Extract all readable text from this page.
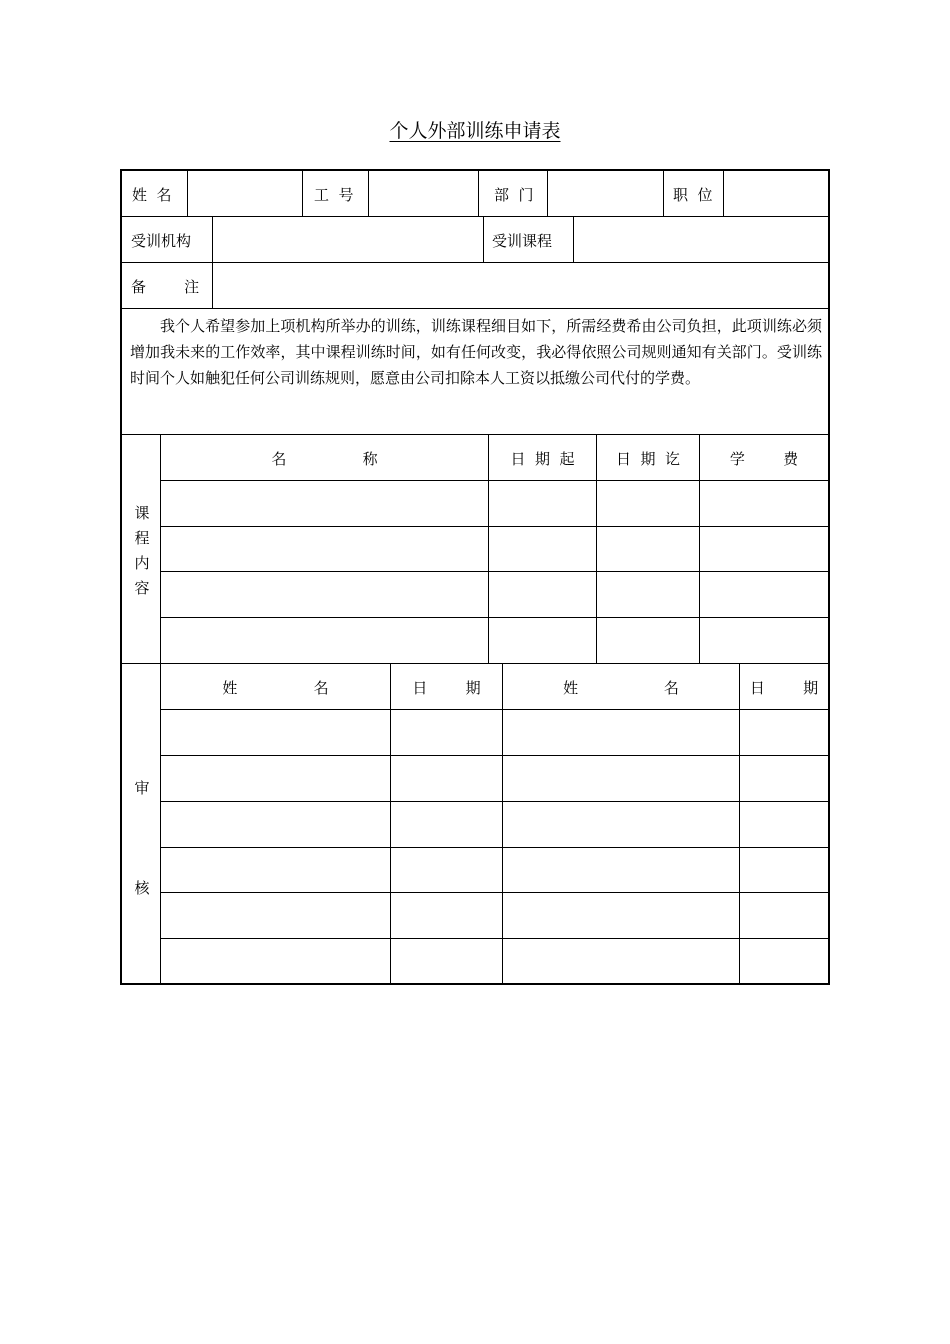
个人外部训练申请表
姓  名	工  号	部  门	职  位
受训机构	受训课程
备        注
我个人希望参加上项机构所举办的训练，训练课程细目如下，所需经费希由公司负担，此项训练必须增加我未来的工作效率，其中课程训练时间，如有任何改变，我必得依照公司规则通知有关部门。受训练时间个人如触犯任何公司训练规则，愿意由公司扣除本人工资以抵缴公司代付的学费。
课程内容
名                称	日  期  起	日  期  讫	学        费
审
核
姓                名	日        期	姓                  名	日        期
